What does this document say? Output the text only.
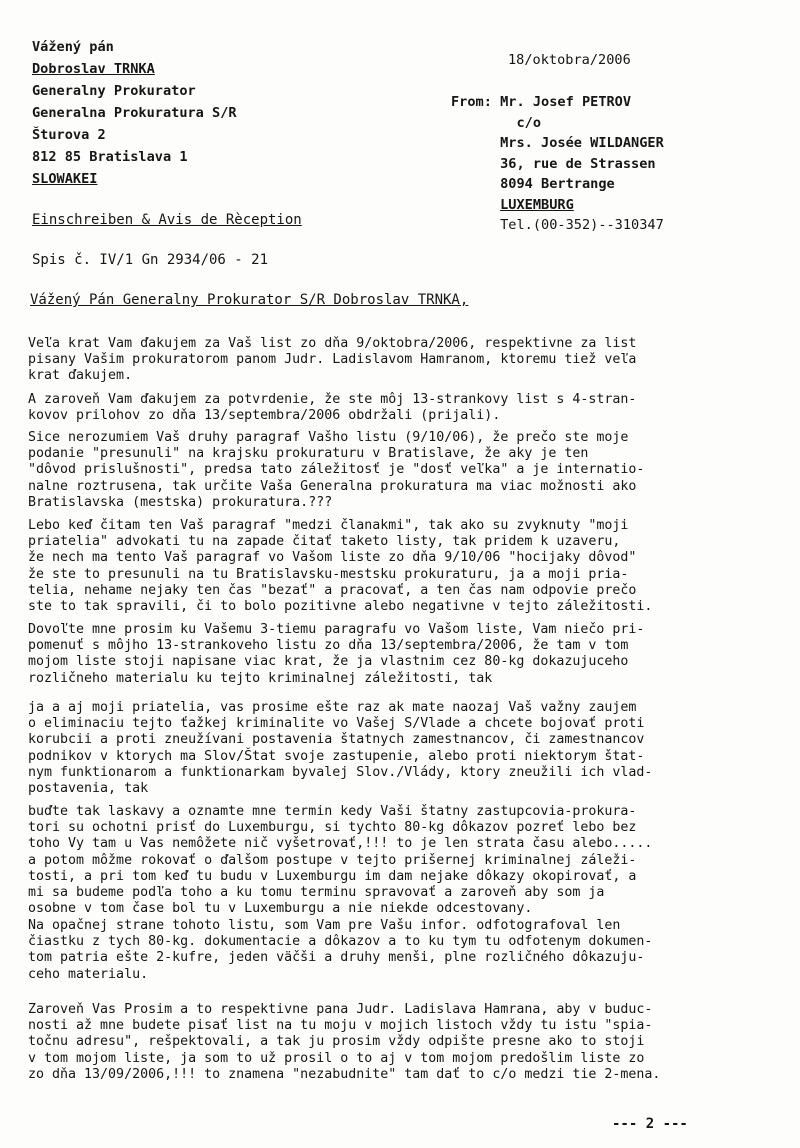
Vážený pán
Dobroslav TRNKA
Generalny Prokurator
Generalna Prokuratura S/R
Šturova 2
812 85 Bratislava 1
SLOWAKEI
18/oktobra/2006
From: Mr. Josef PETROV
c/o
Mrs. Josée WILDANGER
36, rue de Strassen
8094 Bertrange
LUXEMBURG
Tel.(00-352)--310347
Einschreiben & Avis de Rèception
Spis č. IV/1 Gn 2934/06 - 21
Vážený Pán Generalny Prokurator S/R Dobroslav TRNKA,
Veľa krat Vam ďakujem za Vaš list zo dňa 9/oktobra/2006, respektivne za list
pisany Vašim prokuratorom panom Judr. Ladislavom Hamranom, ktoremu tiež veľa
krat ďakujem.
A zaroveň Vam ďakujem za potvrdenie, že ste môj 13-strankovy list s 4-stran-
kovov prilohov zo dňa 13/septembra/2006 obdržali (prijali).
Sice nerozumiem Vaš druhy paragraf Vašho listu (9/10/06), že prečo ste moje
podanie "presunuli" na krajsku prokuraturu v Bratislave, že aky je ten
"dôvod prislušnosti", predsa tato záležitosť je "dosť veľka" a je internatio-
nalne roztrusena, tak určite Vaša Generalna prokuratura ma viac možnosti ako
Bratislavska (mestska) prokuratura.???
Lebo keď čitam ten Vaš paragraf "medzi članakmi", tak ako su zvyknuty "moji
priatelia" advokati tu na zapade čitať taketo listy, tak pridem k uzaveru,
že nech ma tento Vaš paragraf vo Vašom liste zo dňa 9/10/06 "hocijaky dôvod"
že ste to presunuli na tu Bratislavsku-mestsku prokuraturu, ja a moji pria-
telia, nehame nejaky ten čas "bezať" a pracovať, a ten čas nam odpovie prečo
ste to tak spravili, či to bolo pozitivne alebo negativne v tejto záležitosti.
Dovoľte mne prosim ku Vašemu 3-tiemu paragrafu vo Vašom liste, Vam niečo pri-
pomenuť s môjho 13-strankoveho listu zo dňa 13/septembra/2006, že tam v tom
mojom liste stoji napisane viac krat, že ja vlastnim cez 80-kg dokazujuceho
rozličneho materialu ku tejto kriminalnej záležitosti, tak
ja a aj moji priatelia, vas prosime ešte raz ak mate naozaj Vaš važny zaujem
o eliminaciu tejto ťažkej kriminalite vo Vašej S/Vlade a chcete bojovať proti
korubcii a proti zneužívani postavenia štatnych zamestnancov, či zamestnancov
podnikov v ktorych ma Slov/Štat svoje zastupenie, alebo proti niektorym štat-
nym funktionarom a funktionarkam byvalej Slov./Vlády, ktory zneužili ich vlad-
postavenia, tak
buďte tak laskavy a oznamte mne termin kedy Vaši štatny zastupcovia-prokura-
tori su ochotni prisť do Luxemburgu, si tychto 80-kg dôkazov pozreť lebo bez
toho Vy tam u Vas nemôžete nič vyšetrovať,!!! to je len strata času alebo.....
a potom môžme rokovať o ďalšom postupe v tejto prišernej kriminalnej záleži-
tosti, a pri tom keď tu budu v Luxemburgu im dam nejake dôkazy okopirovať, a
mi sa budeme podľa toho a ku tomu terminu spravovať a zaroveň aby som ja
osobne v tom čase bol tu v Luxemburgu a nie niekde odcestovany.
Na opačnej strane tohoto listu, som Vam pre Vašu infor. odfotografoval len
čiastku z tych 80-kg. dokumentacie a dôkazov a to ku tym tu odfotenym dokumen-
tom patria ešte 2-kufre, jeden väčši a druhy menši, plne rozličného dôkazuju-
ceho materialu.
Zaroveň Vas Prosim a to respektivne pana Judr. Ladislava Hamrana, aby v buduc-
nosti až mne budete pisať list na tu moju v mojich listoch vždy tu istu "spia-
točnu adresu", rešpektovali, a tak ju prosim vždy odpište presne ako to stoji
v tom mojom liste, ja som to už prosil o to aj v tom mojom predošlim liste zo
zo dňa 13/09/2006,!!! to znamena "nezabudnite" tam dať to c/o medzi tie 2-mena.
--- 2 ---
